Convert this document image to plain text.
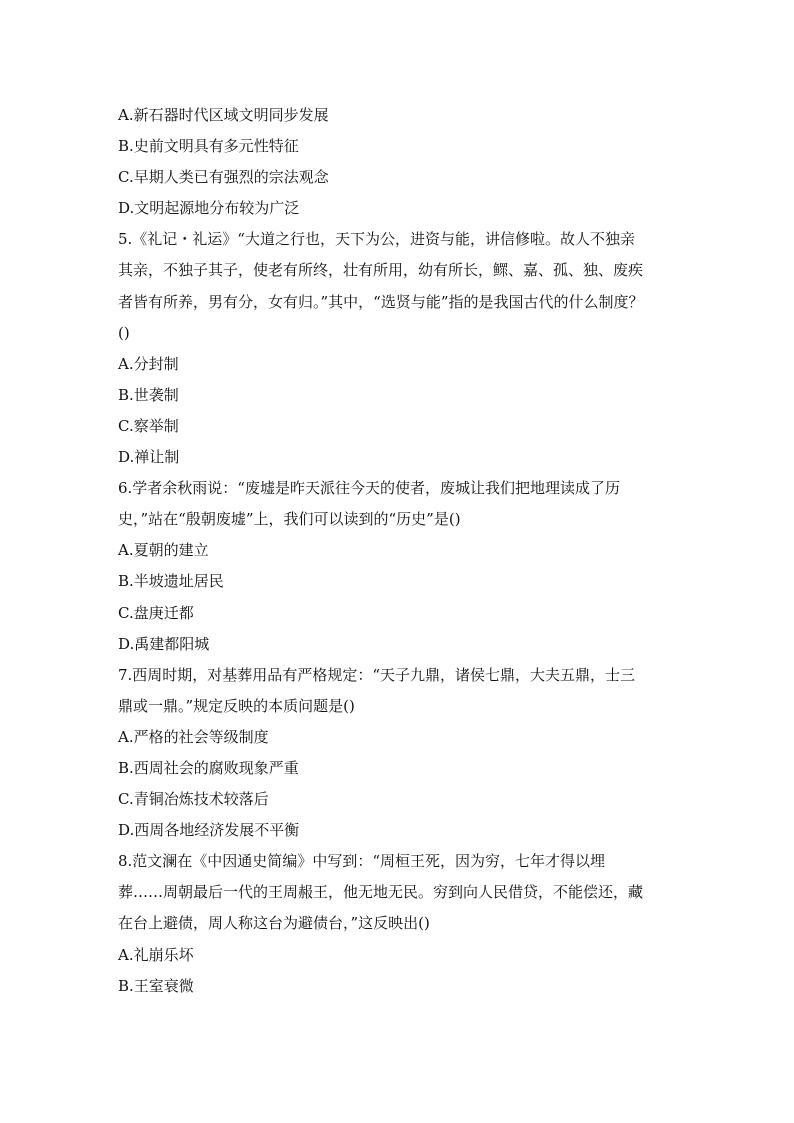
A.新石器时代区域文明同步发展
B.史前文明具有多元性特征
C.早期人类已有强烈的宗法观念
D.文明起源地分布较为广泛
5.《礼记・礼运》“大道之行也，天下为公，进资与能，讲信修啦。故人不独亲
其亲，不独子其子，使老有所终，壮有所用，幼有所长，鳏、嘉、孤、独、废疾
者皆有所养，男有分，女有归。”其中，“选贤与能”指的是我国古代的什么制度？
()
A.分封制
B.世袭制
C.察举制
D.禅让制
6.学者余秋雨说：“废墟是昨天派往今天的使者，废城让我们把地理读成了历
史，”站在“殷朝废墟”上，我们可以读到的“历史”是()
A.夏朝的建立
B.半坡遗址居民
C.盘庚迁都
D.禹建都阳城
7.西周时期，对基葬用品有严格规定：“天子九鼎，诸侯七鼎，大夫五鼎，士三
鼎或一鼎。”规定反映的本质问题是()
A.严格的社会等级制度
B.西周社会的腐败现象严重
C.青铜冶炼技术较落后
D.西周各地经济发展不平衡
8.范文澜在《中因通史简编》中写到：“周桓王死，因为穷，七年才得以埋
葬……周朝最后一代的王周赧王，他无地无民。穷到向人民借贷，不能偿还，藏
在台上避债，周人称这台为避债台，”这反映出()
A.礼崩乐坏
B.王室衰微
